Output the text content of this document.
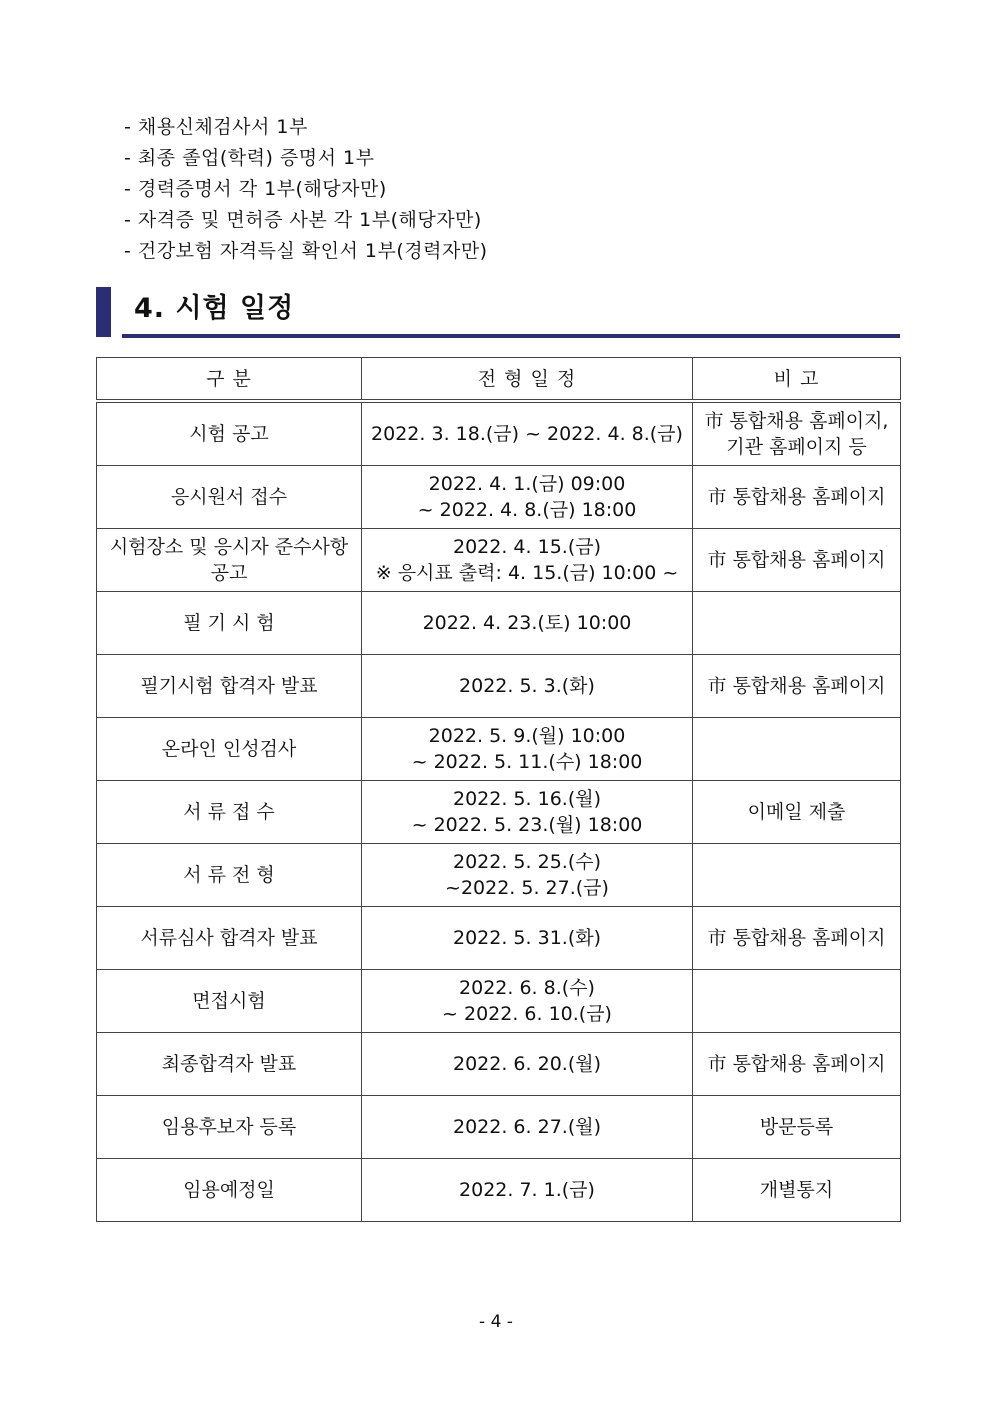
- 채용신체검사서 1부
- 최종 졸업(학력) 증명서 1부
- 경력증명서 각 1부(해당자만)
- 자격증 및 면허증 사본 각 1부(해당자만)
- 건강보험 자격득실 확인서 1부(경력자만)
4. 시험 일정
구 분	전 형 일 정	비 고
시험 공고	2022. 3. 18.(금) ~ 2022. 4. 8.(금)	市 통합채용 홈페이지,
기관 홈페이지 등

응시원서 접수	2022. 4. 1.(금) 09:00
~ 2022. 4. 8.(금) 18:00	市 통합채용 홈페이지

시험장소 및 응시자 준수사항 공고	2022. 4. 15.(금)
※ 응시표 출력: 4. 15.(금) 10:00 ~	市 통합채용 홈페이지

필 기 시 험	2022. 4. 23.(토) 10:00	

필기시험 합격자 발표	2022. 5. 3.(화)	市 통합채용 홈페이지

온라인 인성검사	2022. 5. 9.(월) 10:00
~ 2022. 5. 11.(수) 18:00	

서 류 접 수	2022. 5. 16.(월)
~ 2022. 5. 23.(월) 18:00	이메일 제출

서 류 전 형	2022. 5. 25.(수)
~2022. 5. 27.(금)	

서류심사 합격자 발표	2022. 5. 31.(화)	市 통합채용 홈페이지

면접시험	2022. 6. 8.(수)
~ 2022. 6. 10.(금)	

최종합격자 발표	2022. 6. 20.(월)	市 통합채용 홈페이지

임용후보자 등록	2022. 6. 27.(월)	방문등록

임용예정일	2022. 7. 1.(금)	개별통지
- 4 -
